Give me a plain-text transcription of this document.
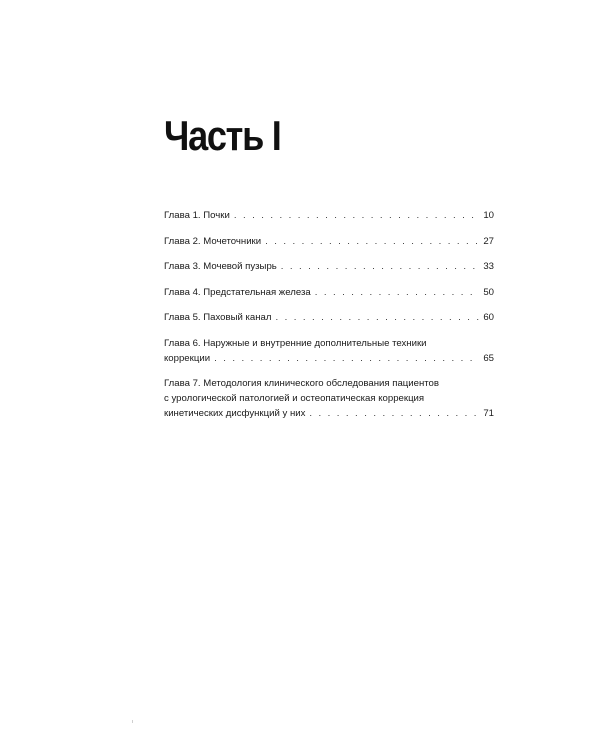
Часть I
Глава 1. Почки . . .	10
Глава 2. Мочеточники . . .	27
Глава 3. Мочевой пузырь . . .	33
Глава 4. Предстательная железа . . .	50
Глава 5. Паховый канал . . .	60
Глава 6. Наружные и внутренние дополнительные техники
коррекции . . .	65
Глава 7. Методология клинического обследования пациентов
с урологической патологией и остеопатическая коррекция
кинетических дисфункций у них . . .	71
